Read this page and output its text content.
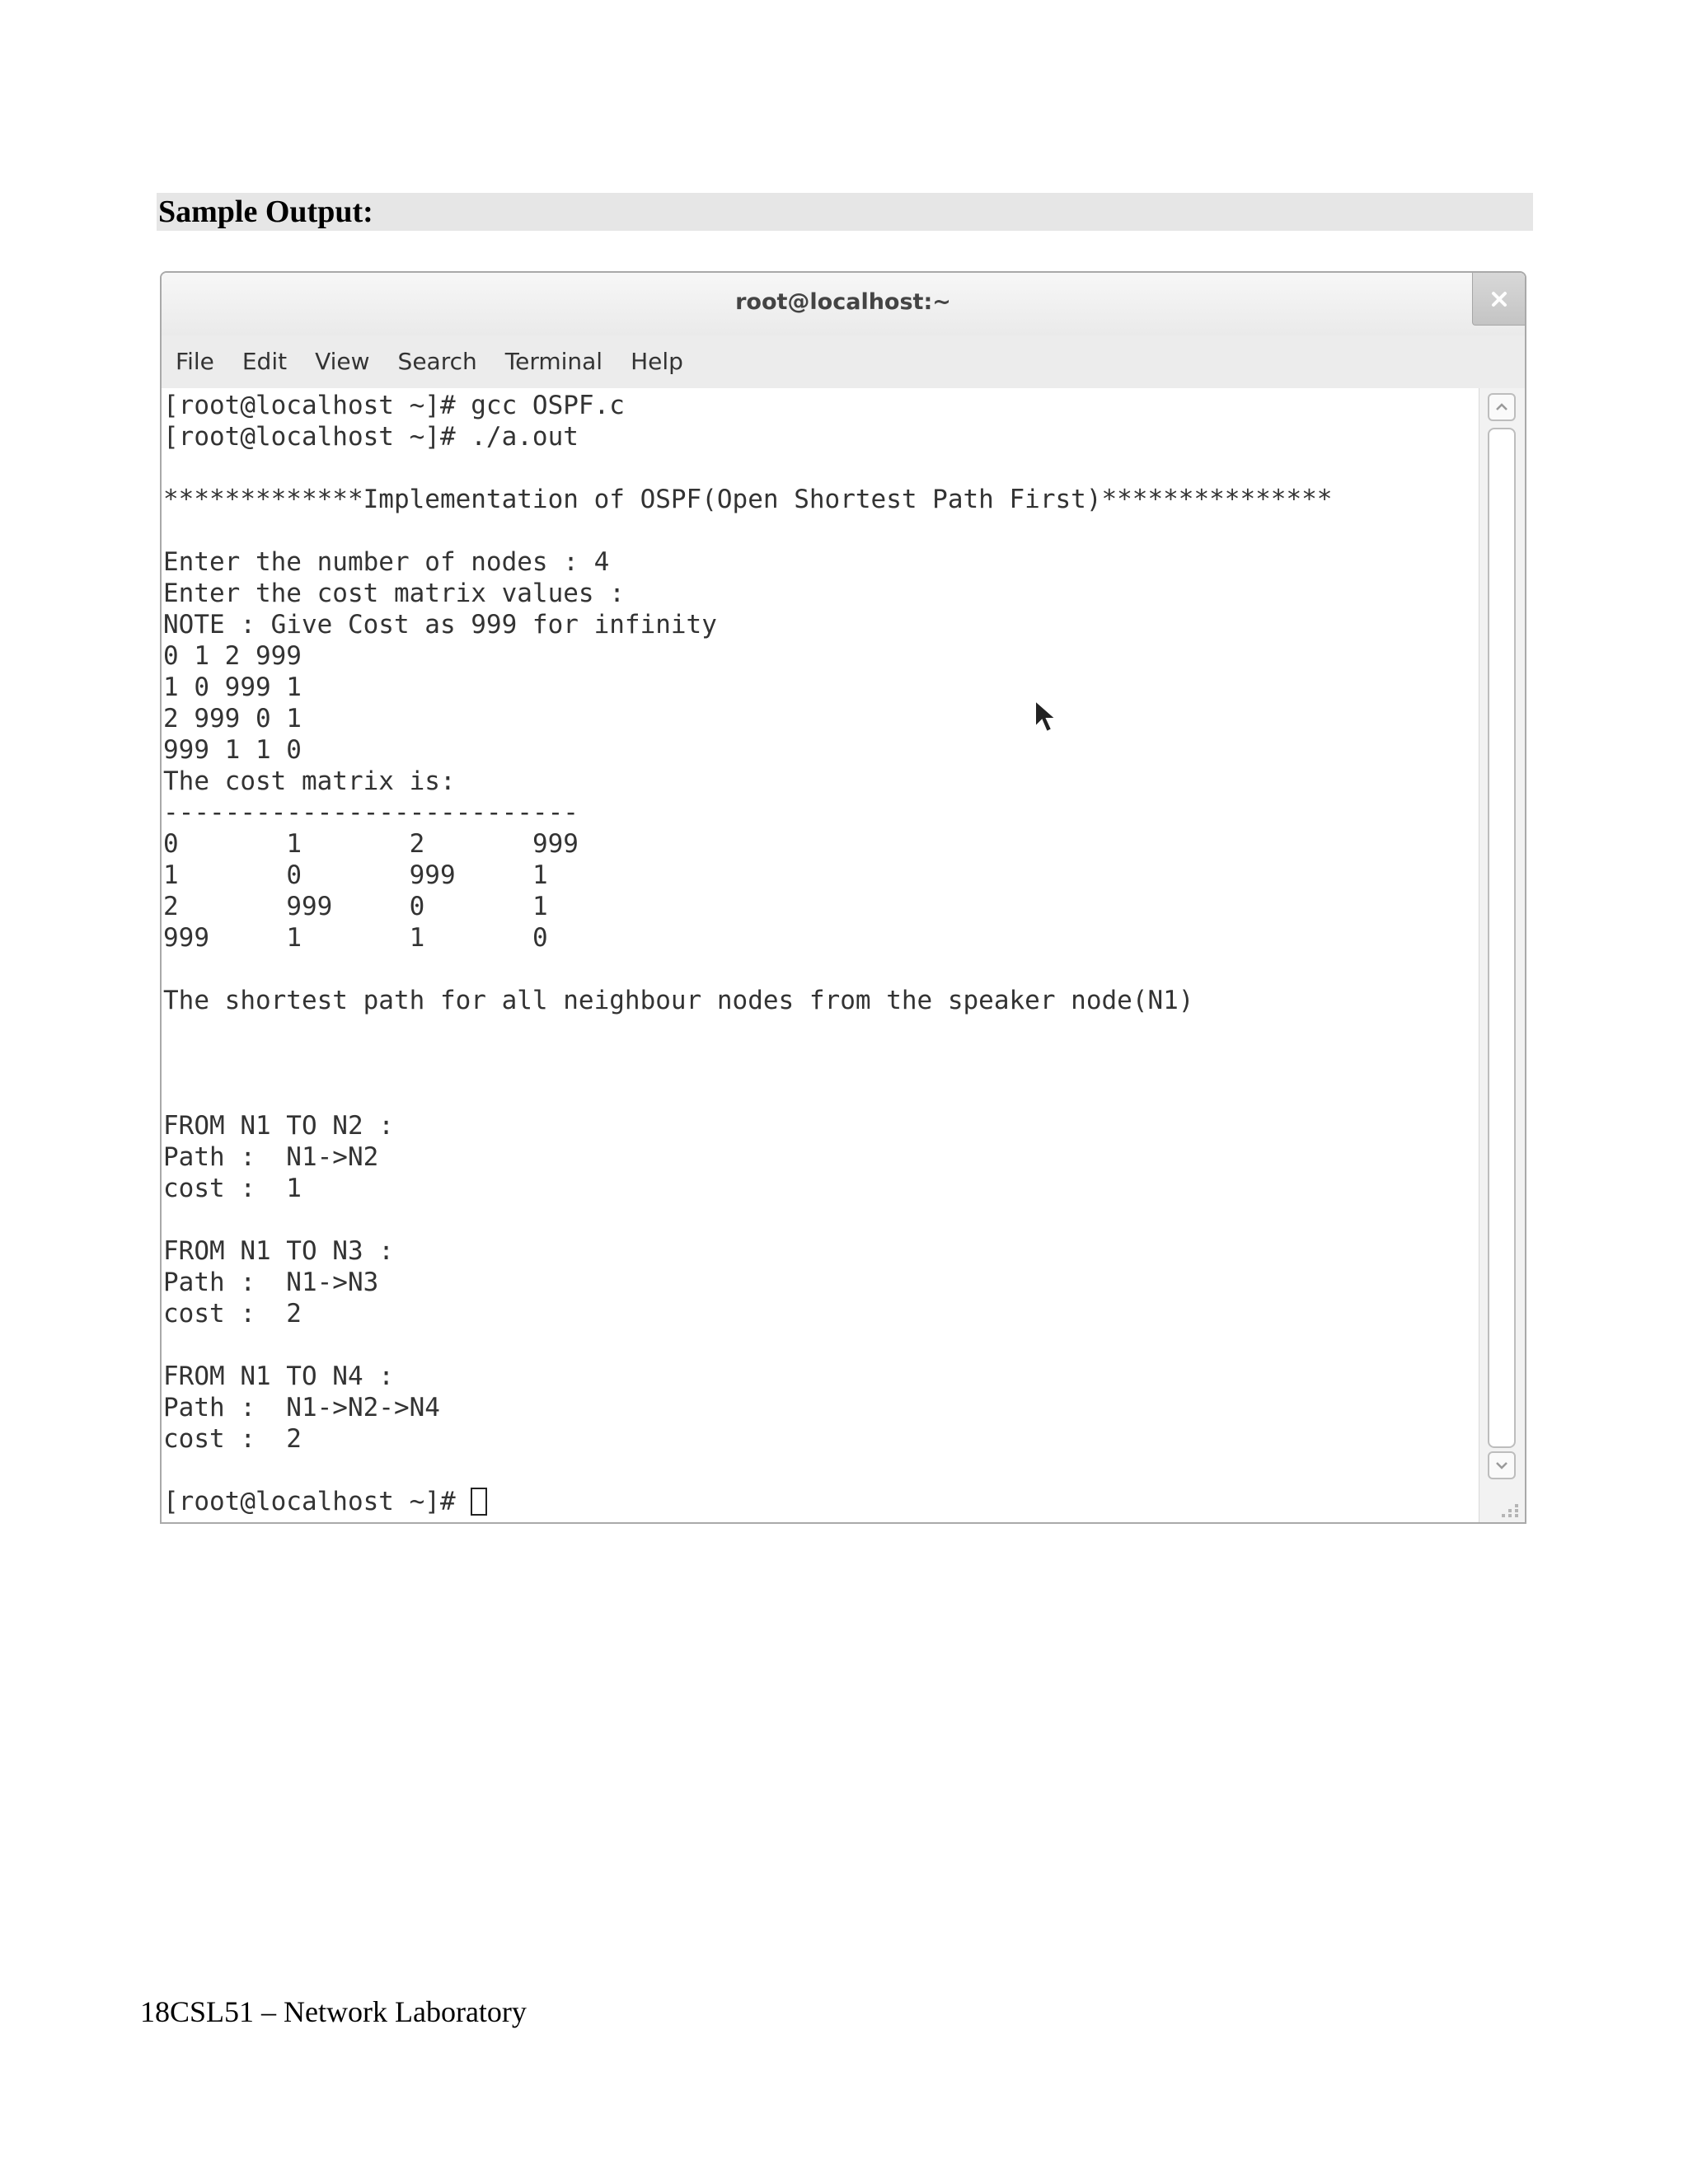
Sample Output:
root@localhost:~
File	Edit	View	Search	Terminal	Help
[root@localhost ~]# gcc OSPF.c
[root@localhost ~]# ./a.out

*************Implementation of OSPF(Open Shortest Path First)***************

Enter the number of nodes : 4
Enter the cost matrix values :
NOTE : Give Cost as 999 for infinity
0 1 2 999
1 0 999 1
2 999 0 1
999 1 1 0
The cost matrix is:
---------------------------
0	1	2	999
1	0	999	1
2	999	0	1
999	1	1	0

The shortest path for all neighbour nodes from the speaker node(N1)

FROM N1 TO N2 :
Path :  N1->N2
cost :  1

FROM N1 TO N3 :
Path :  N1->N3
cost :  2

FROM N1 TO N4 :
Path :  N1->N2->N4
cost :  2

[root@localhost ~]#
18CSL51 – Network Laboratory
